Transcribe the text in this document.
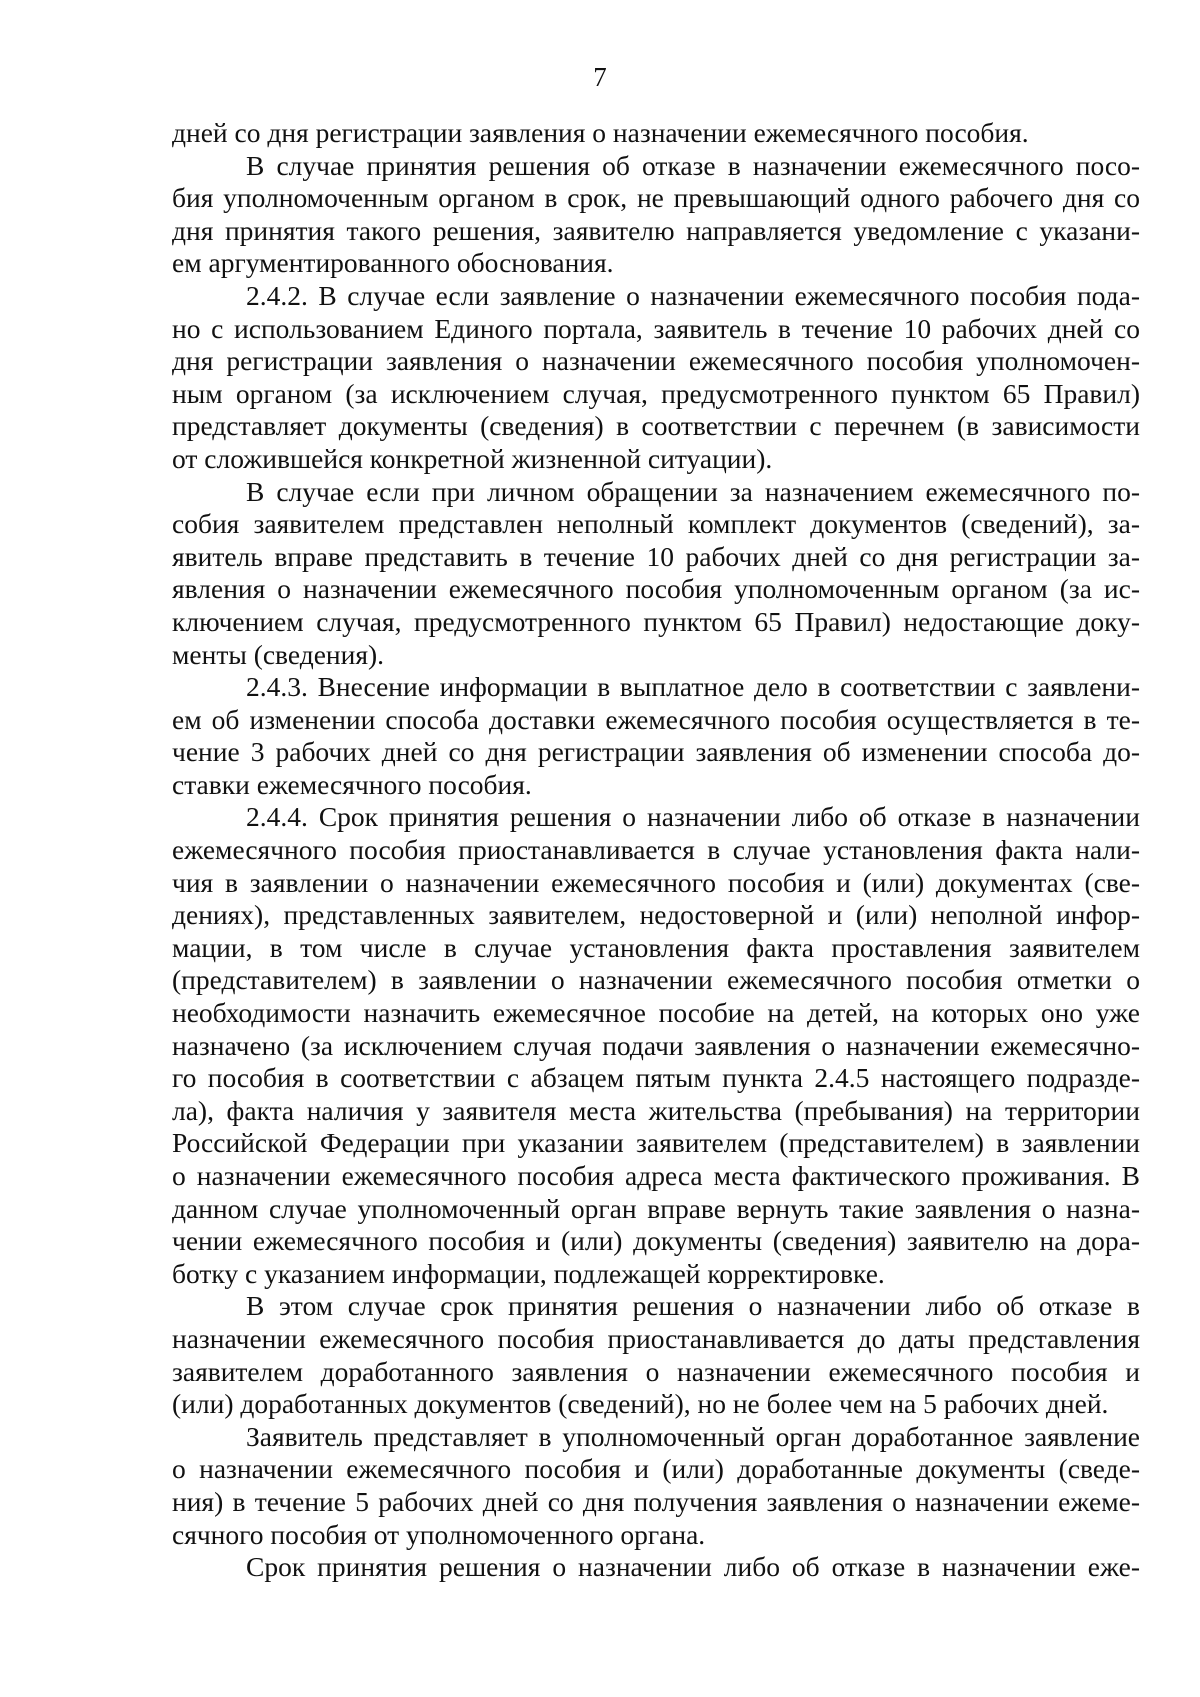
7

дней со дня регистрации заявления о назначении ежемесячного пособия.

В случае принятия решения об отказе в назначении ежемесячного посо-
бия уполномоченным органом в срок, не превышающий одного рабочего дня со
дня принятия такого решения, заявителю направляется уведомление с указани-
ем аргументированного обоснования.

2.4.2. В случае если заявление о назначении ежемесячного пособия пода-
но с использованием Единого портала, заявитель в течение 10 рабочих дней со
дня регистрации заявления о назначении ежемесячного пособия уполномочен-
ным органом (за исключением случая, предусмотренного пунктом 65 Правил)
представляет документы (сведения) в соответствии с перечнем (в зависимости
от сложившейся конкретной жизненной ситуации).

В случае если при личном обращении за назначением ежемесячного по-
собия заявителем представлен неполный комплект документов (сведений), за-
явитель вправе представить в течение 10 рабочих дней со дня регистрации за-
явления о назначении ежемесячного пособия уполномоченным органом (за ис-
ключением случая, предусмотренного пунктом 65 Правил) недостающие доку-
менты (сведения).

2.4.3. Внесение информации в выплатное дело в соответствии с заявлени-
ем об изменении способа доставки ежемесячного пособия осуществляется в те-
чение 3 рабочих дней со дня регистрации заявления об изменении способа до-
ставки ежемесячного пособия.

2.4.4. Срок принятия решения о назначении либо об отказе в назначении
ежемесячного пособия приостанавливается в случае установления факта нали-
чия в заявлении о назначении ежемесячного пособия и (или) документах (све-
дениях), представленных заявителем, недостоверной и (или) неполной инфор-
мации, в том числе в случае установления факта проставления заявителем
(представителем) в заявлении о назначении ежемесячного пособия отметки о
необходимости назначить ежемесячное пособие на детей, на которых оно уже
назначено (за исключением случая подачи заявления о назначении ежемесячно-
го пособия в соответствии с абзацем пятым пункта 2.4.5 настоящего подразде-
ла), факта наличия у заявителя места жительства (пребывания) на территории
Российской Федерации при указании заявителем (представителем) в заявлении
о назначении ежемесячного пособия адреса места фактического проживания. В
данном случае уполномоченный орган вправе вернуть такие заявления о назна-
чении ежемесячного пособия и (или) документы (сведения) заявителю на дора-
ботку с указанием информации, подлежащей корректировке.

В этом случае срок принятия решения о назначении либо об отказе в
назначении ежемесячного пособия приостанавливается до даты представления
заявителем доработанного заявления о назначении ежемесячного пособия и
(или) доработанных документов (сведений), но не более чем на 5 рабочих дней.

Заявитель представляет в уполномоченный орган доработанное заявление
о назначении ежемесячного пособия и (или) доработанные документы (сведе-
ния) в течение 5 рабочих дней со дня получения заявления о назначении ежеме-
сячного пособия от уполномоченного органа.

Срок принятия решения о назначении либо об отказе в назначении еже-
